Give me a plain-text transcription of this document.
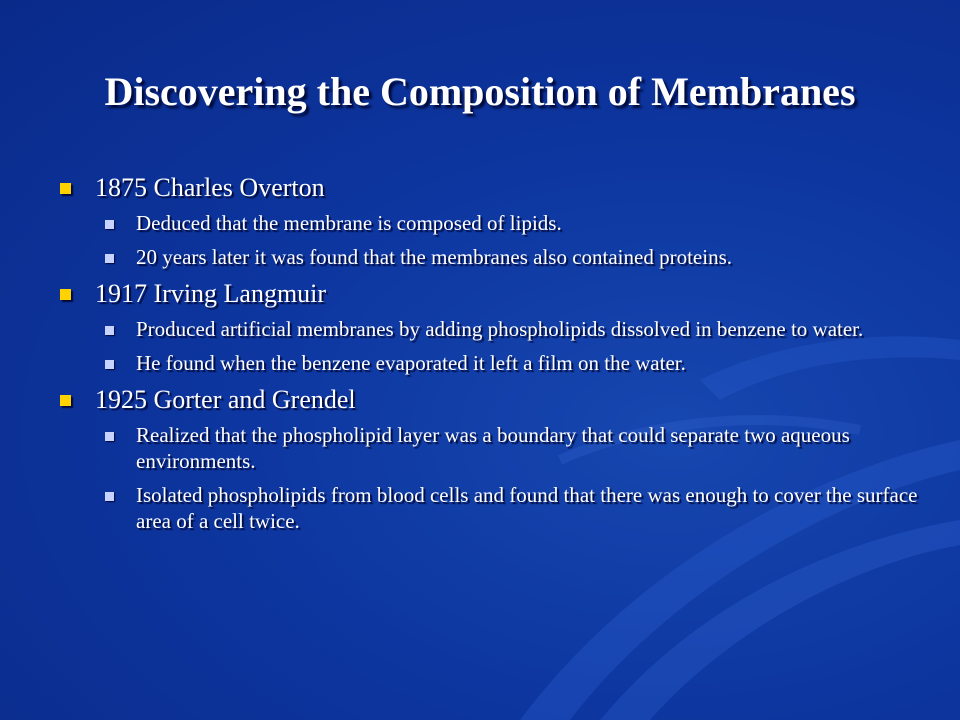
Discovering the Composition of Membranes
1875 Charles Overton
Deduced that the membrane is composed of lipids.
20 years later it was found that the membranes also contained proteins.
1917 Irving Langmuir
Produced artificial membranes by adding phospholipids dissolved in benzene to water.
He found when the benzene evaporated it left a film on the water.
1925 Gorter and Grendel
Realized that the phospholipid layer was a boundary that could separate two aqueous environments.
Isolated phospholipids from blood cells and found that there was enough to cover the surface area of a cell twice.
